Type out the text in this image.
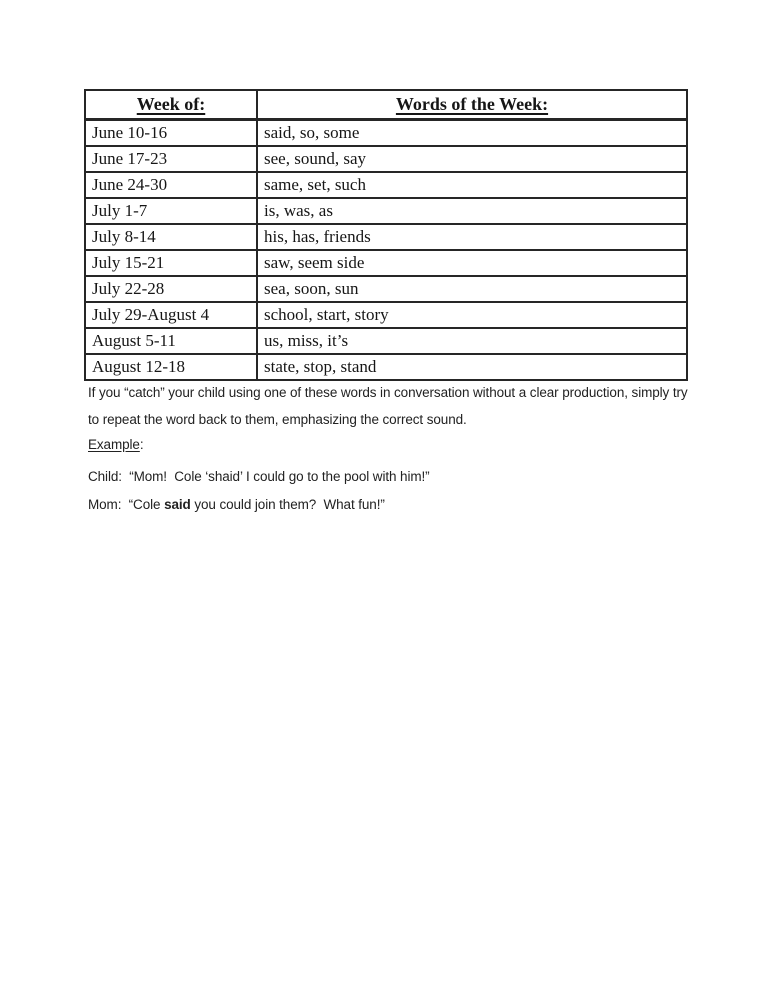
Week of:	Words of the Week:
June 10-16	said, so, some
June 17-23	see, sound, say
June 24-30	same, set, such
July 1-7	is, was, as
July 8-14	his, has, friends
July 15-21	saw, seem side
July 22-28	sea, soon, sun
July 29-August 4	school, start, story
August 5-11	us, miss, it’s
August 12-18	state, stop, stand

If you “catch” your child using one of these words in conversation without a clear production, simply try to repeat the word back to them, emphasizing the correct sound.

Example:

Child:  “Mom!  Cole ‘shaid’ I could go to the pool with him!”

Mom:  “Cole said you could join them?  What fun!”
